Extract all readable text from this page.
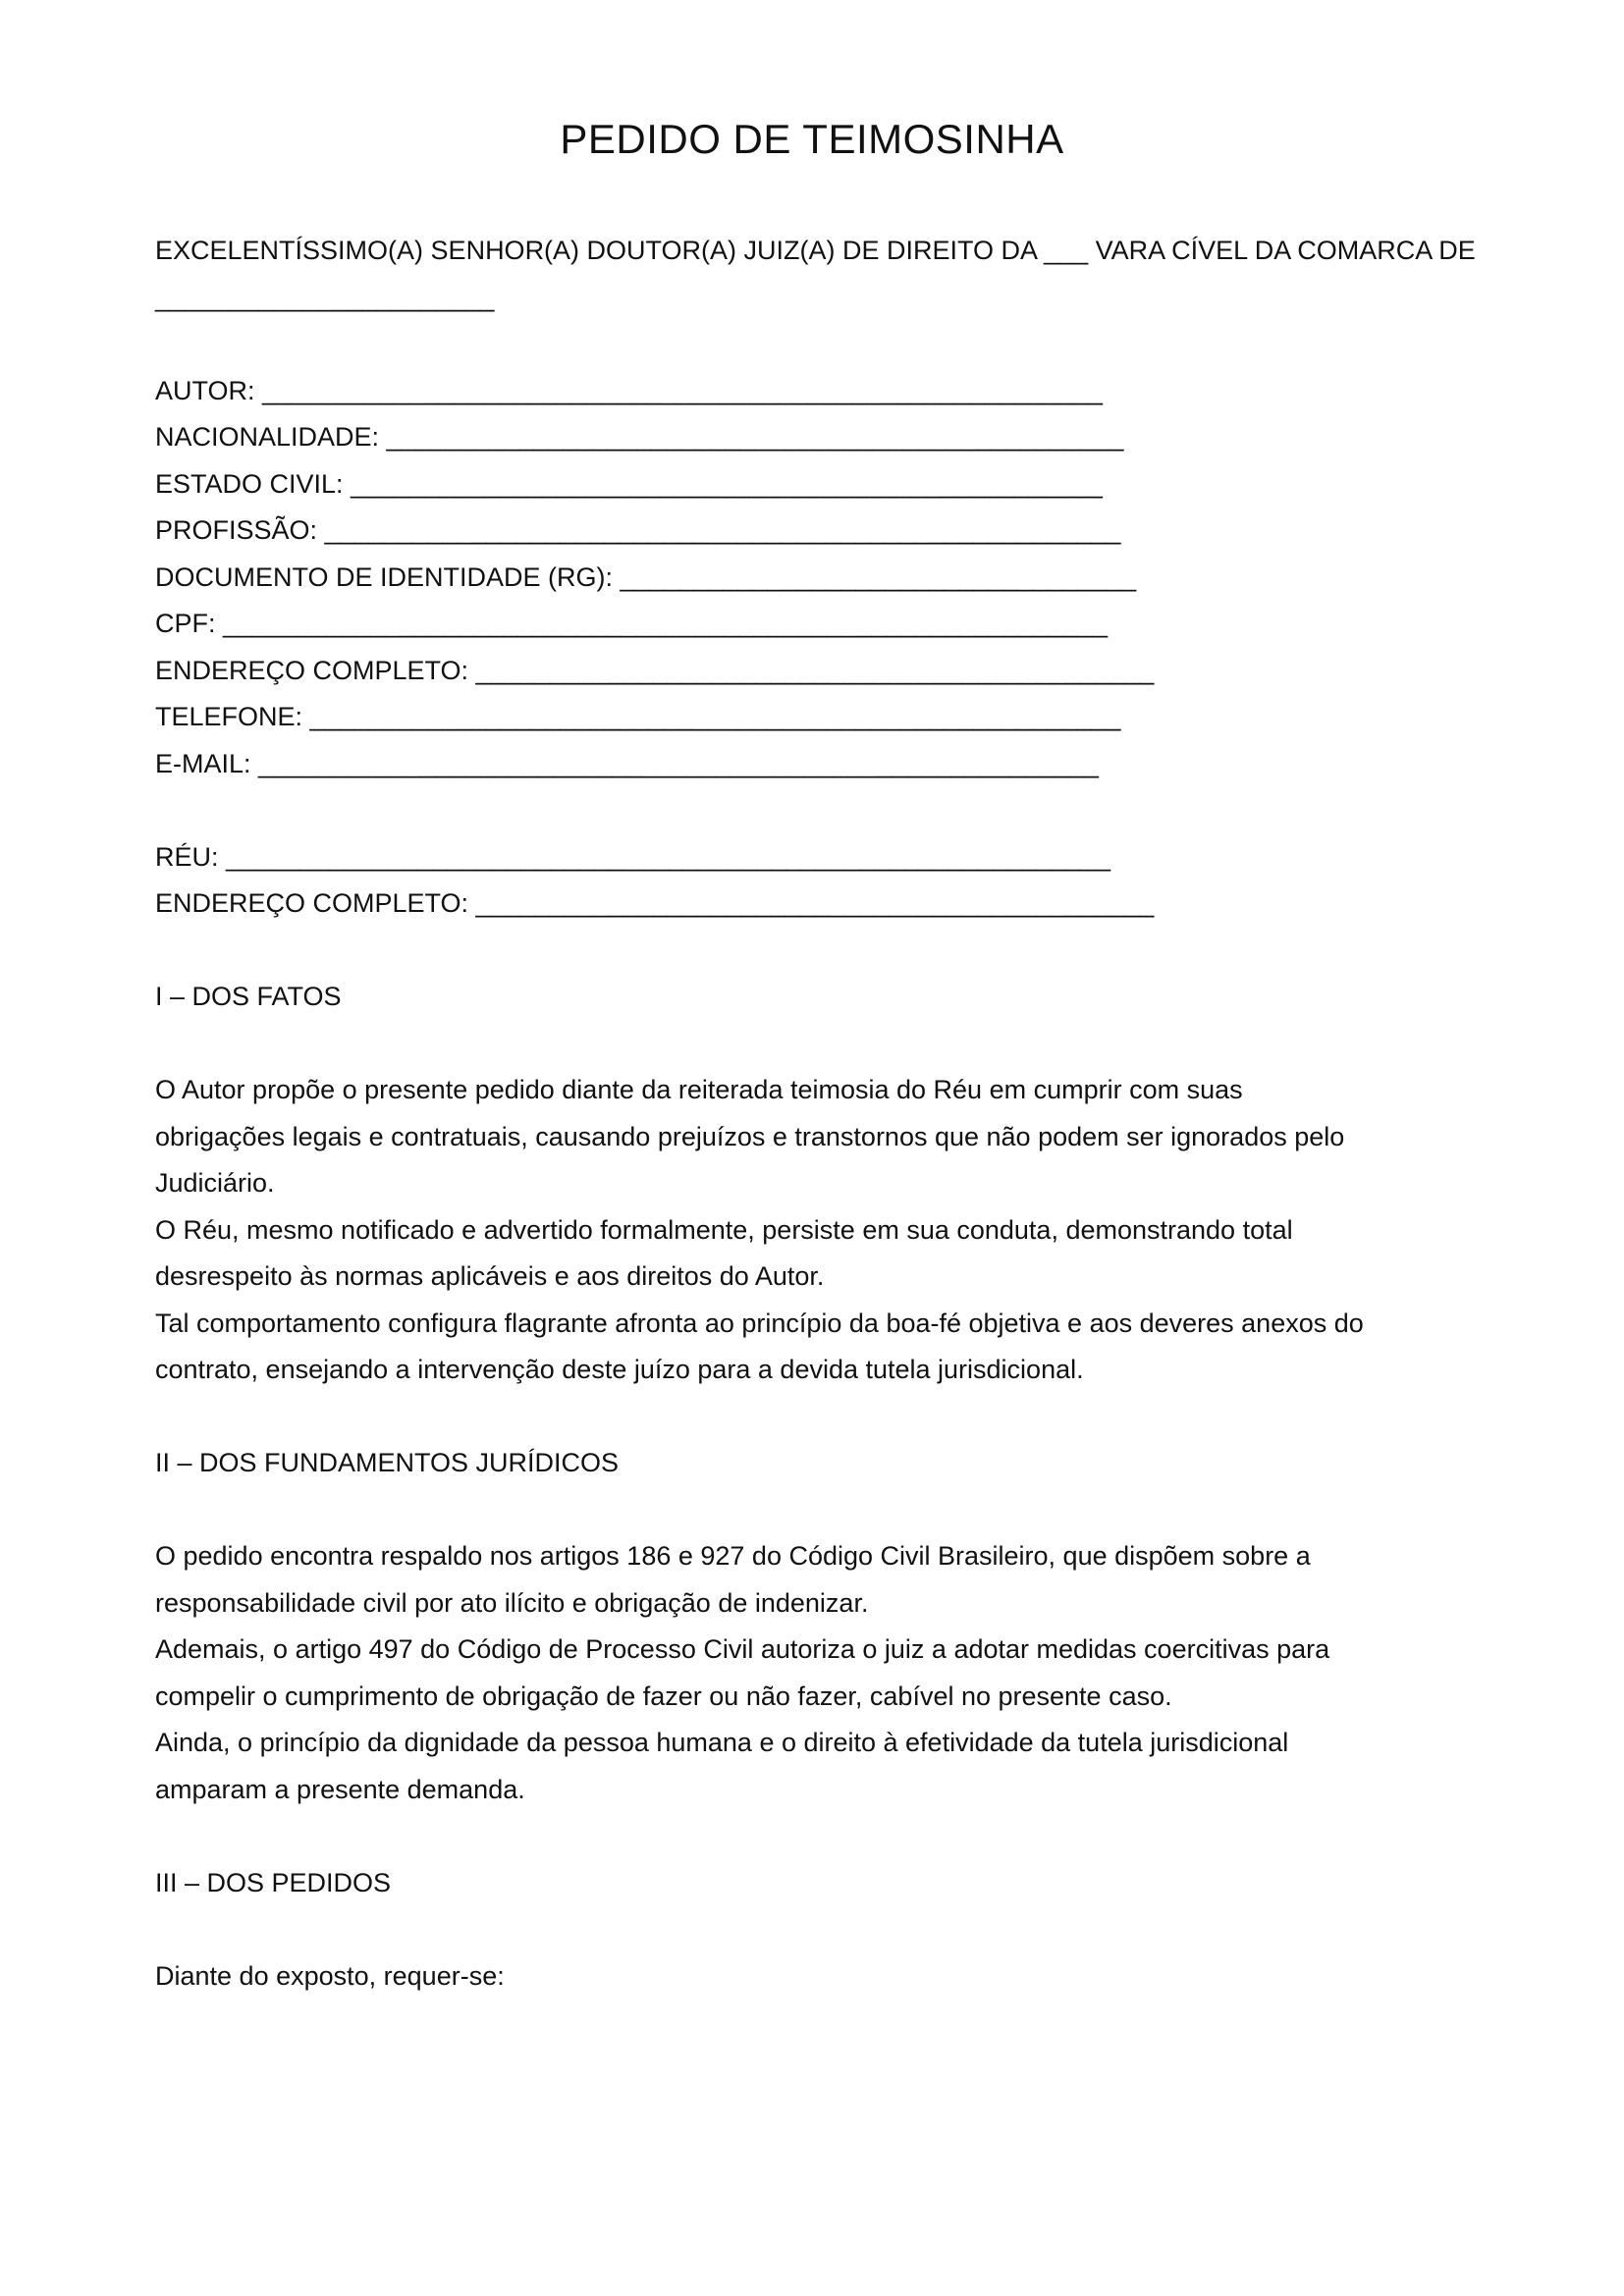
PEDIDO DE TEIMOSINHA

EXCELENTÍSSIMO(A) SENHOR(A) DOUTOR(A) JUIZ(A) DE DIREITO DA ___ VARA CÍVEL DA COMARCA DE

_______________________

AUTOR: _________________________________________________________

NACIONALIDADE: __________________________________________________

ESTADO CIVIL: ___________________________________________________

PROFISSÃO: ______________________________________________________

DOCUMENTO DE IDENTIDADE (RG): ___________________________________

CPF: ____________________________________________________________

ENDEREÇO COMPLETO: ______________________________________________

TELEFONE: _______________________________________________________

E-MAIL: _________________________________________________________

RÉU: ____________________________________________________________

ENDEREÇO COMPLETO: ______________________________________________

I – DOS FATOS

O Autor propõe o presente pedido diante da reiterada teimosia do Réu em cumprir com suas obrigações legais e contratuais, causando prejuízos e transtornos que não podem ser ignorados pelo Judiciário.

O Réu, mesmo notificado e advertido formalmente, persiste em sua conduta, demonstrando total desrespeito às normas aplicáveis e aos direitos do Autor.

Tal comportamento configura flagrante afronta ao princípio da boa-fé objetiva e aos deveres anexos do contrato, ensejando a intervenção deste juízo para a devida tutela jurisdicional.

II – DOS FUNDAMENTOS JURÍDICOS

O pedido encontra respaldo nos artigos 186 e 927 do Código Civil Brasileiro, que dispõem sobre a responsabilidade civil por ato ilícito e obrigação de indenizar.

Ademais, o artigo 497 do Código de Processo Civil autoriza o juiz a adotar medidas coercitivas para compelir o cumprimento de obrigação de fazer ou não fazer, cabível no presente caso.

Ainda, o princípio da dignidade da pessoa humana e o direito à efetividade da tutela jurisdicional amparam a presente demanda.

III – DOS PEDIDOS

Diante do exposto, requer-se:
